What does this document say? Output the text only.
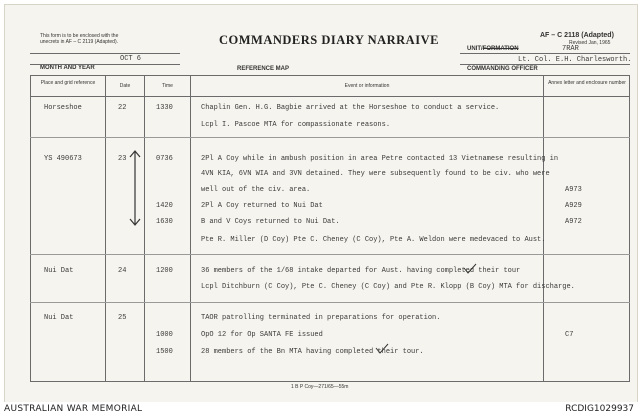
This form is to be enclosed with the
unecrets in AF – C 2119 (Adapted).
AF – C 2118 (Adapted)
Revised Jan, 1965
COMMANDERS DIARY NARRAIVE
MONTH AND YEAR
OCT 6
REFERENCE MAP
UNIT/FORMATION	7RAR
Lt. Col. E.H. Charlesworth.
COMMANDING OFFICER
Place and grid reference	Date	Time	Event or information	Annex letter and enclosure number
Horseshoe	22	1330	Chaplin Gen. H.G. Bagbie arrived at the Horseshoe to conduct a service.
Lcpl I. Pascoe MTA for compassionate reasons.
YS 490673	23	0736	2Pl A Coy while in ambush position in area Petre contacted 13 Vietnamese resulting in
4VN KIA, 6VN WIA and 3VN detained. They were subsequently found to be civ. who were
well out of the civ. area.	A973
1420	2Pl A Coy returned to Nui Dat	A929
1630	B and V Coys returned to Nui Dat.	A972
Pte R. Miller (D Coy) Pte C. Cheney (C Coy), Pte A. Weldon were medevaced to Aust.
Nui Dat	24	1200	36 members of the 1/68 intake departed for Aust. having completed their tour
Lcpl Ditchburn (C Coy), Pte C. Cheney (C Coy) and Pte R. Klopp (B Coy) MTA for discharge.
Nui Dat	25	TAOR patrolling terminated in preparations for operation.
1000	OpO 12 for Op SANTA FE issued	C7
1500	28 members of the Bn MTA having completed their tour.
1 B P Coy—271/65—55m
AUSTRALIAN WAR MEMORIAL	RCDIG1029937
